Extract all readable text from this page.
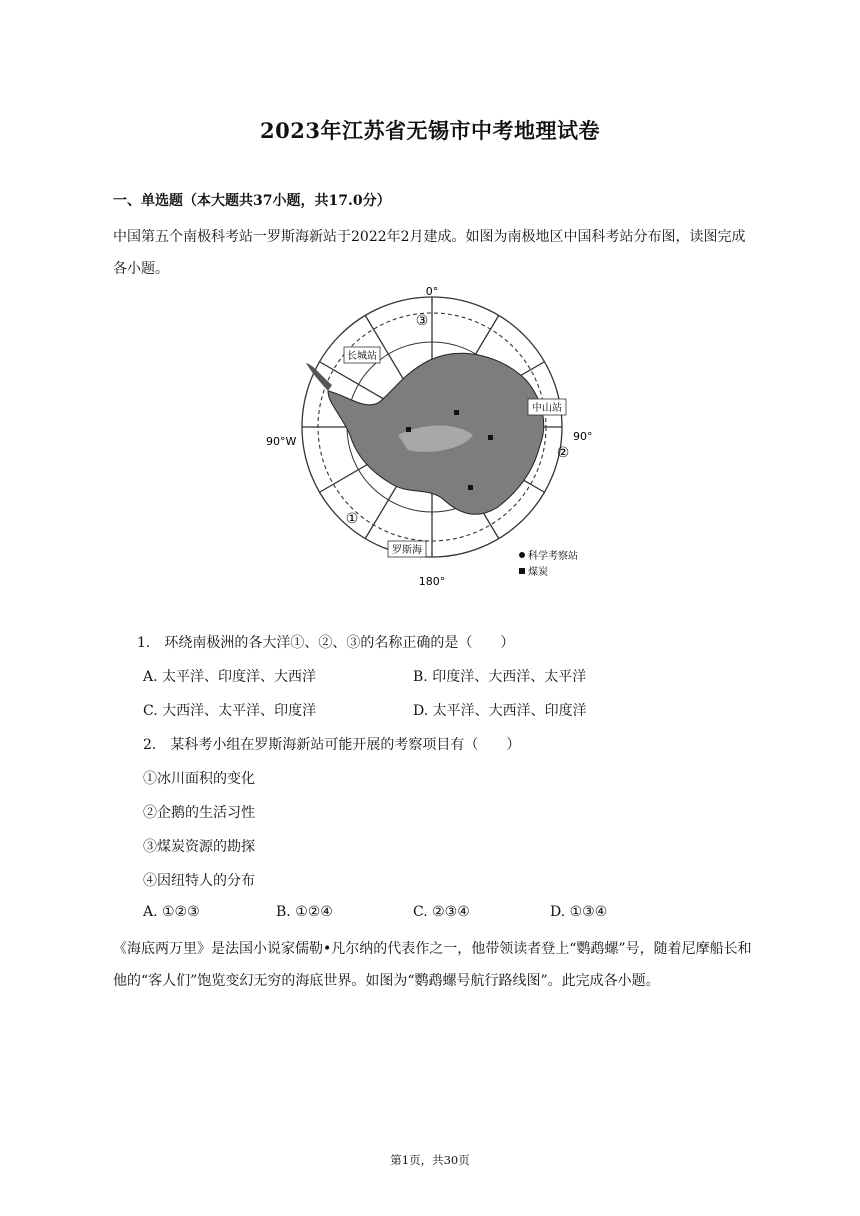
2023年江苏省无锡市中考地理试卷
一、单选题（本大题共37小题，共17.0分）
中国第五个南极科考站一罗斯海新站于2022年2月建成。如图为南极地区中国科考站分布图，读图完成各小题。
长城站
中山站
罗斯海
0°
90°W	90°
180°
③
②
①
科学考察站
煤炭
1.　环绕南极洲的各大洋①、②、③的名称正确的是（　　）
A. 太平洋、印度洋、大西洋	B. 印度洋、大西洋、太平洋
C. 大西洋、太平洋、印度洋	D. 太平洋、大西洋、印度洋
2.　某科考小组在罗斯海新站可能开展的考察项目有（　　）
①冰川面积的变化
②企鹅的生活习性
③煤炭资源的勘探
④因纽特人的分布
A. ①②③	B. ①②④	C. ②③④	D. ①③④
《海底两万里》是法国小说家儒勒•凡尔纳的代表作之一，他带领读者登上“鹦鹉螺”号，随着尼摩船长和他的“客人们”饱览变幻无穷的海底世界。如图为“鹦鹉螺号航行路线图”。此完成各小题。
第1页，共30页
